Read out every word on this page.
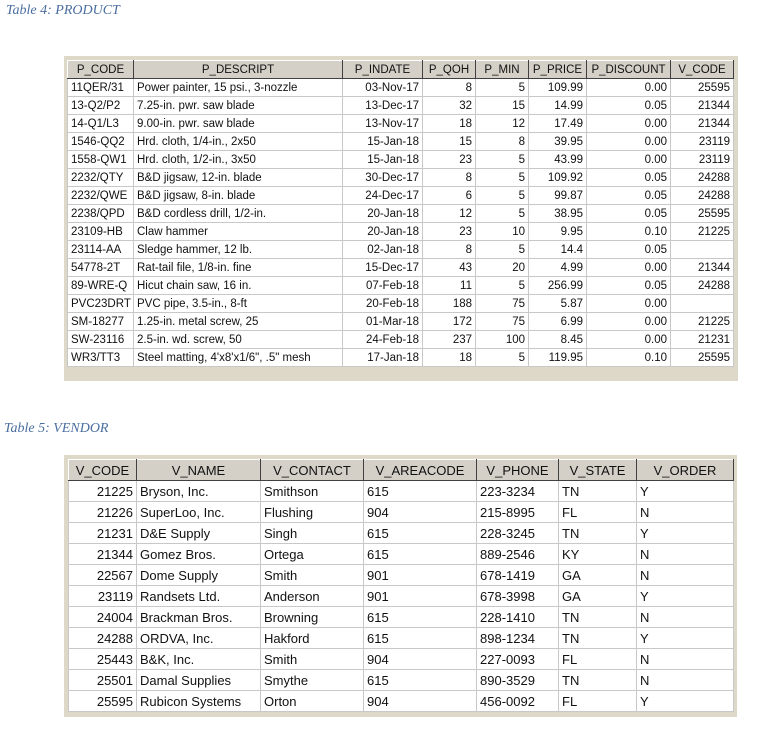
Table 4: PRODUCT

P_CODE	P_DESCRIPT	P_INDATE	P_QOH	P_MIN	P_PRICE	P_DISCOUNT	V_CODE
11QER/31	Power painter, 15 psi., 3-nozzle	03-Nov-17	8	5	109.99	0.00	25595
13-Q2/P2	7.25-in. pwr. saw blade	13-Dec-17	32	15	14.99	0.05	21344
14-Q1/L3	9.00-in. pwr. saw blade	13-Nov-17	18	12	17.49	0.00	21344
1546-QQ2	Hrd. cloth, 1/4-in., 2x50	15-Jan-18	15	8	39.95	0.00	23119
1558-QW1	Hrd. cloth, 1/2-in., 3x50	15-Jan-18	23	5	43.99	0.00	23119
2232/QTY	B&D jigsaw, 12-in. blade	30-Dec-17	8	5	109.92	0.05	24288
2232/QWE	B&D jigsaw, 8-in. blade	24-Dec-17	6	5	99.87	0.05	24288
2238/QPD	B&D cordless drill, 1/2-in.	20-Jan-18	12	5	38.95	0.05	25595
23109-HB	Claw hammer	20-Jan-18	23	10	9.95	0.10	21225
23114-AA	Sledge hammer, 12 lb.	02-Jan-18	8	5	14.4	0.05	
54778-2T	Rat-tail file, 1/8-in. fine	15-Dec-17	43	20	4.99	0.00	21344
89-WRE-Q	Hicut chain saw, 16 in.	07-Feb-18	11	5	256.99	0.05	24288
PVC23DRT	PVC pipe, 3.5-in., 8-ft	20-Feb-18	188	75	5.87	0.00	
SM-18277	1.25-in. metal screw, 25	01-Mar-18	172	75	6.99	0.00	21225
SW-23116	2.5-in. wd. screw, 50	24-Feb-18	237	100	8.45	0.00	21231
WR3/TT3	Steel matting, 4'x8'x1/6", .5" mesh	17-Jan-18	18	5	119.95	0.10	25595

Table 5: VENDOR

V_CODE	V_NAME	V_CONTACT	V_AREACODE	V_PHONE	V_STATE	V_ORDER
21225	Bryson, Inc.	Smithson	615	223-3234	TN	Y
21226	SuperLoo, Inc.	Flushing	904	215-8995	FL	N
21231	D&E Supply	Singh	615	228-3245	TN	Y
21344	Gomez Bros.	Ortega	615	889-2546	KY	N
22567	Dome Supply	Smith	901	678-1419	GA	N
23119	Randsets Ltd.	Anderson	901	678-3998	GA	Y
24004	Brackman Bros.	Browning	615	228-1410	TN	N
24288	ORDVA, Inc.	Hakford	615	898-1234	TN	Y
25443	B&K, Inc.	Smith	904	227-0093	FL	N
25501	Damal Supplies	Smythe	615	890-3529	TN	N
25595	Rubicon Systems	Orton	904	456-0092	FL	Y
